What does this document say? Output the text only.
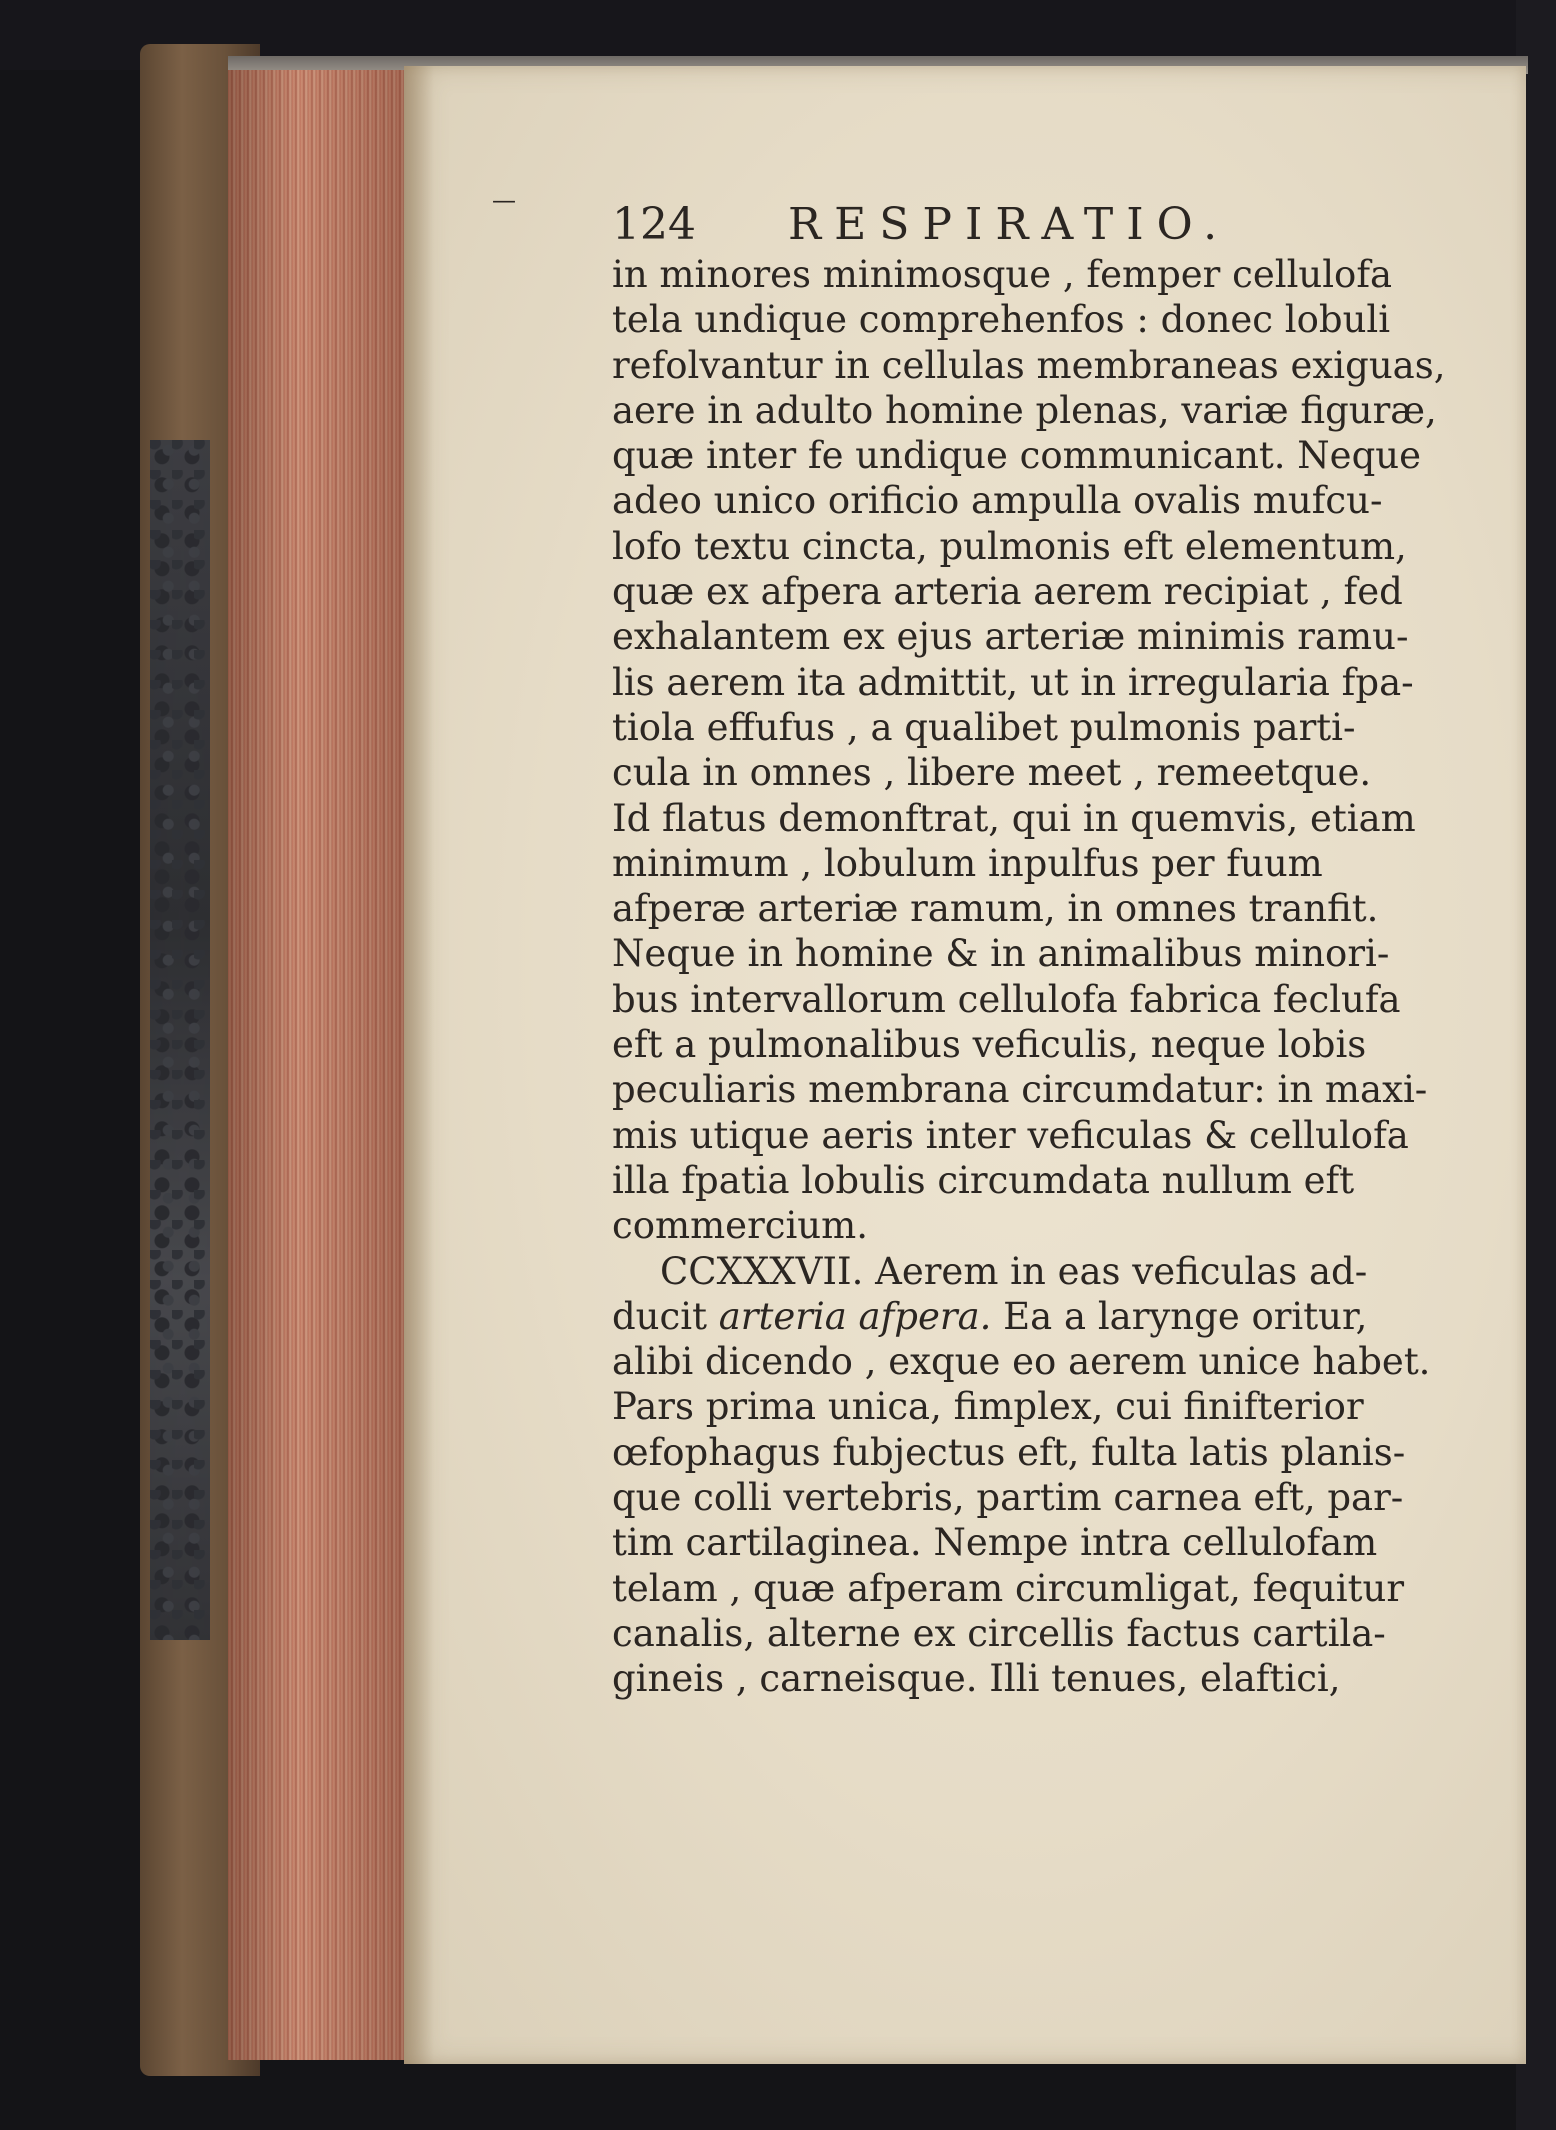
—	124 RESPIRATIO.
in minores minimosque , femper cellulofa
tela undique comprehenfos : donec lobuli
refolvantur in cellulas membraneas exiguas,
aere in adulto homine plenas, variæ figuræ,
quæ inter fe undique communicant. Neque
adeo unico orificio ampulla ovalis mufcu-
lofo textu cincta, pulmonis eft elementum,
quæ ex afpera arteria aerem recipiat , fed
exhalantem ex ejus arteriæ minimis ramu-
lis aerem ita admittit, ut in irregularia fpa-
tiola effufus , a qualibet pulmonis parti-
cula in omnes , libere meet , remeetque.
Id flatus demonftrat, qui in quemvis, etiam
minimum , lobulum inpulfus per fuum
afperæ arteriæ ramum, in omnes tranfit.
Neque in homine & in animalibus minori-
bus intervallorum cellulofa fabrica feclufa
eft a pulmonalibus veficulis, neque lobis
peculiaris membrana circumdatur: in maxi-
mis utique aeris inter veficulas & cellulofa
illa fpatia lobulis circumdata nullum eft
commercium.
CCXXXVII. Aerem in eas veficulas ad-
ducit arteria afpera. Ea a larynge oritur,
alibi dicendo , exque eo aerem unice habet.
Pars prima unica, fimplex, cui finifterior
œfophagus fubjectus eft, fulta latis planis-
que colli vertebris, partim carnea eft, par-
tim cartilaginea. Nempe intra cellulofam
telam , quæ afperam circumligat, fequitur
canalis, alterne ex circellis factus cartila-
gineis , carneisque. Illi tenues, elaftici,
